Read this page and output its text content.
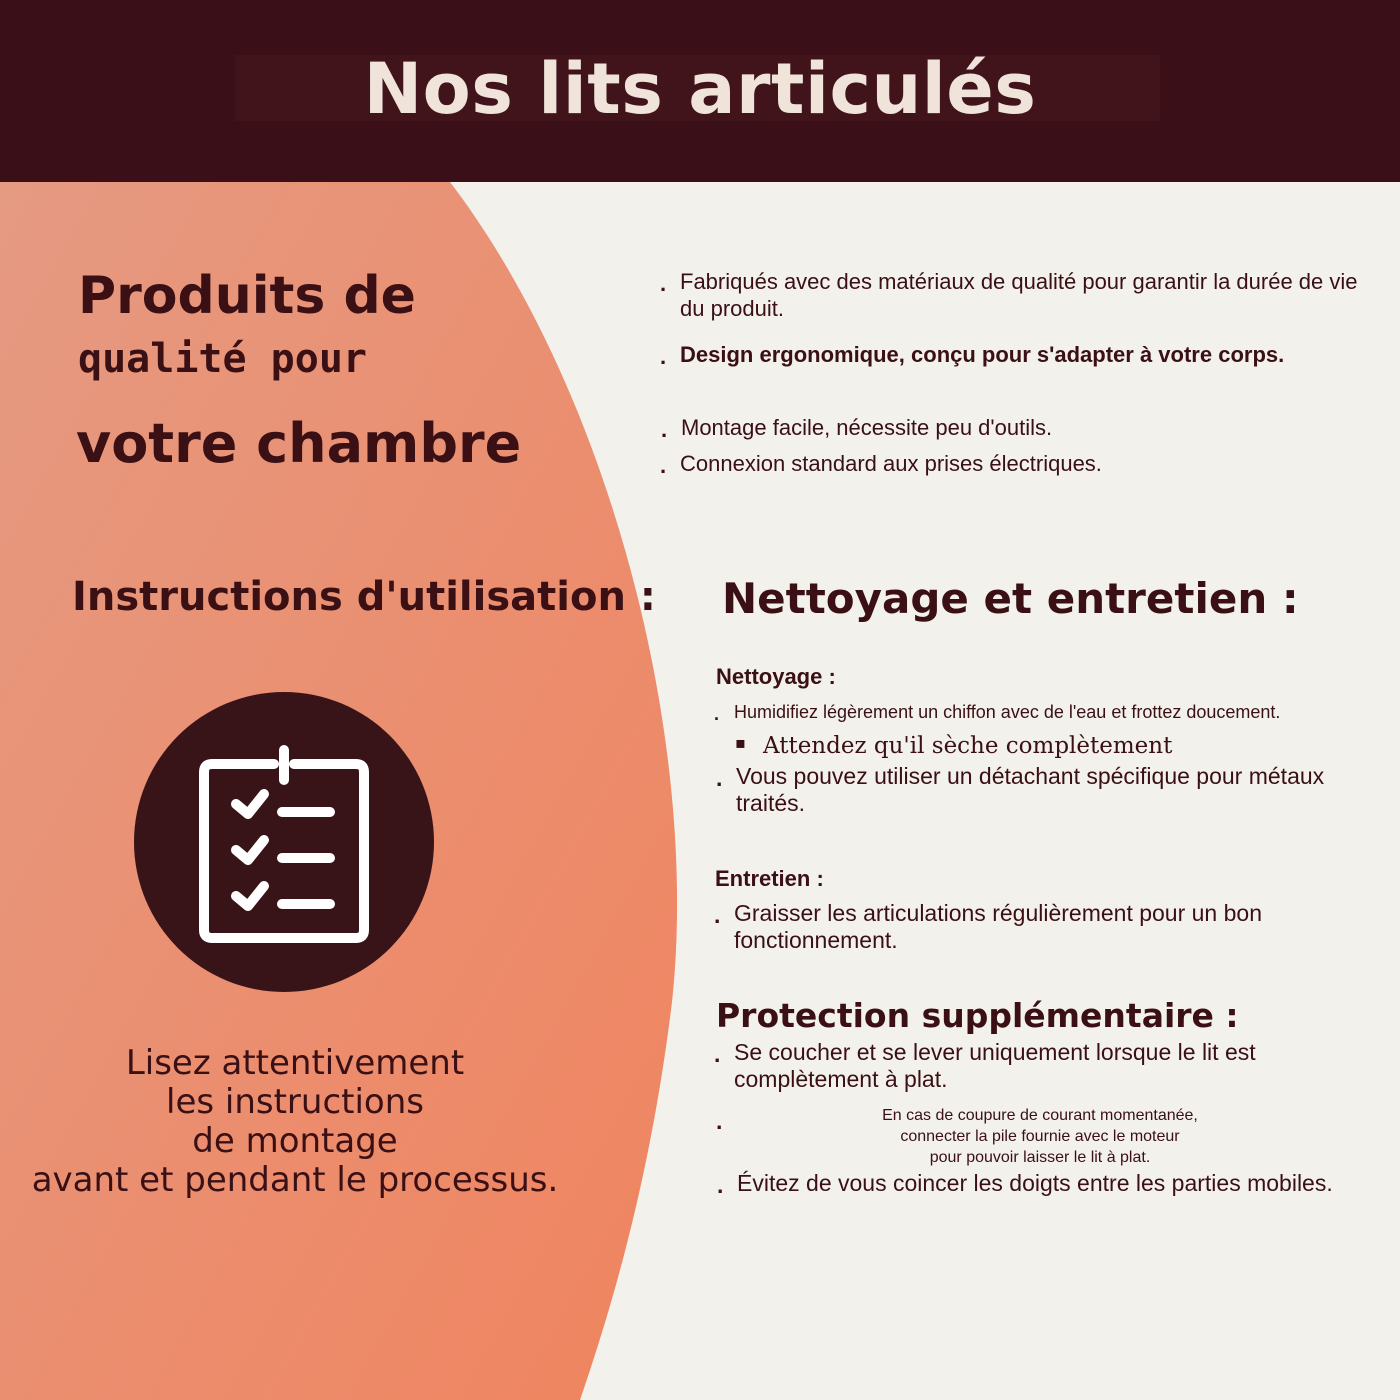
Nos lits articulés
Produits de
qualité pour
votre chambre
. Fabriqués avec des matériaux de qualité pour garantir la durée de vie du produit.
. Design ergonomique, conçu pour s'adapter à votre corps.
. Montage facile, nécessite peu d'outils.
. Connexion standard aux prises électriques.
Instructions d'utilisation :
Lisez attentivement
les instructions
de montage
avant et pendant le processus.
Nettoyage et entretien :
Nettoyage :
. Humidifiez légèrement un chiffon avec de l'eau et frottez doucement.
▪ Attendez qu'il sèche complètement
. Vous pouvez utiliser un détachant spécifique pour métaux traités.
Entretien :
. Graisser les articulations régulièrement pour un bon fonctionnement.
Protection supplémentaire :
. Se coucher et se lever uniquement lorsque le lit est complètement à plat.
.	En cas de coupure de courant momentanée,
connecter la pile fournie avec le moteur
pour pouvoir laisser le lit à plat.
. Évitez de vous coincer les doigts entre les parties mobiles.
